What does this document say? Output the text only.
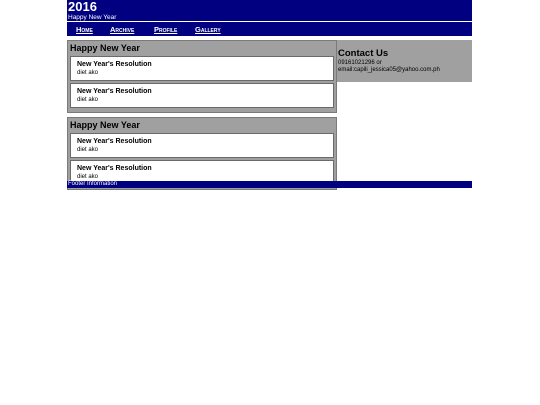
2016
Happy New Year
Home Archive	Profile Gallery
Happy New Year
New Year's Resolution
diet ako
New Year's Resolution
diet ako
Happy New Year
New Year's Resolution
diet ako
New Year's Resolution
diet ako
Contact Us
09161021296 or
email:capili_jessica05@yahoo.com.ph
Footer Information
